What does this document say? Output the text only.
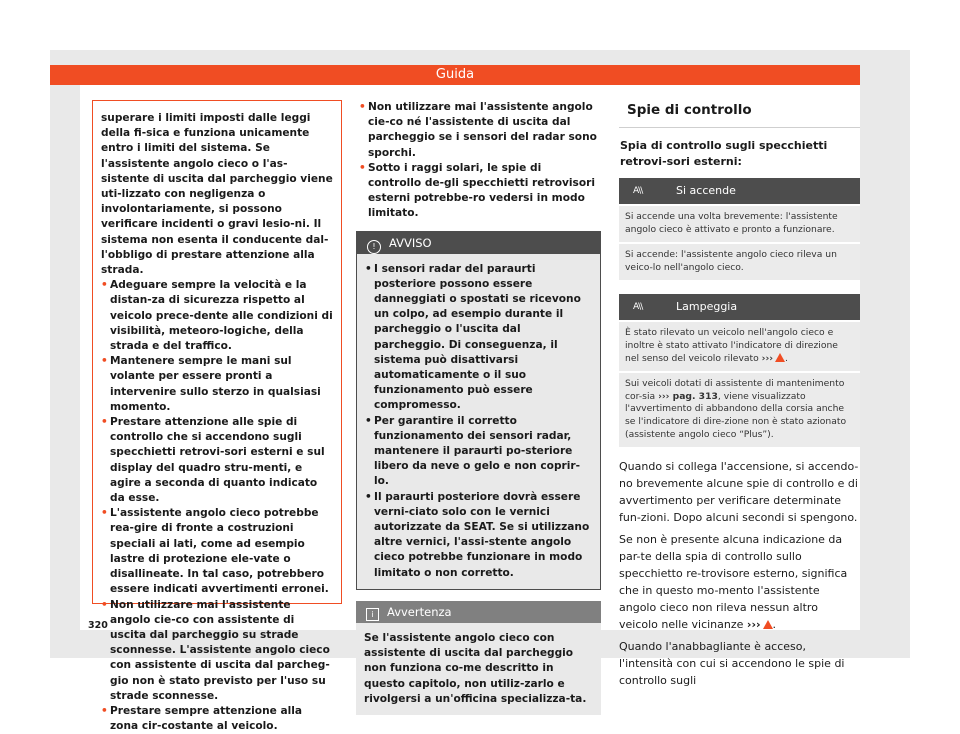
Guida

superare i limiti imposti dalle leggi della fi-sica e funziona unicamente entro i limiti del sistema. Se l'assistente angolo cieco o l'as-sistente di uscita dal parcheggio viene uti-lizzato con negligenza o involontariamente, si possono verificare incidenti o gravi lesio-ni. Il sistema non esenta il conducente dal-l'obbligo di prestare attenzione alla strada.

• Adeguare sempre la velocità e la distan-za di sicurezza rispetto al veicolo prece-dente alle condizioni di visibilità, meteoro-logiche, della strada e del traffico.

• Mantenere sempre le mani sul volante per essere pronti a intervenire sullo sterzo in qualsiasi momento.

• Prestare attenzione alle spie di controllo che si accendono sugli specchietti retrovi-sori esterni e sul display del quadro stru-menti, e agire a seconda di quanto indicato da esse.

• L'assistente angolo cieco potrebbe rea-gire di fronte a costruzioni speciali ai lati, come ad esempio lastre di protezione ele-vate o disallineate. In tal caso, potrebbero essere indicati avvertimenti erronei.

• Non utilizzare mai l'assistente angolo cie-co con assistente di uscita dal parcheggio su strade sconnesse. L'assistente angolo cieco con assistente di uscita dal parcheg-gio non è stato previsto per l'uso su strade sconnesse.

• Prestare sempre attenzione alla zona cir-costante al veicolo.

• Non utilizzare mai l'assistente angolo cie-co né l'assistente di uscita dal parcheggio se i sensori del radar sono sporchi.

• Sotto i raggi solari, le spie di controllo de-gli specchietti retrovisori esterni potrebbe-ro vedersi in modo limitato.

! AVVISO

• I sensori radar del paraurti posteriore possono essere danneggiati o spostati se ricevono un colpo, ad esempio durante il parcheggio o l'uscita dal parcheggio. Di conseguenza, il sistema può disattivarsi automaticamente o il suo funzionamento può essere compromesso.

• Per garantire il corretto funzionamento dei sensori radar, mantenere il paraurti po-steriore libero da neve o gelo e non coprir-lo.

• Il paraurti posteriore dovrà essere verni-ciato solo con le vernici autorizzate da SEAT. Se si utilizzano altre vernici, l'assi-stente angolo cieco potrebbe funzionare in modo limitato o non corretto.

i Avvertenza

Se l'assistente angolo cieco con assistente di uscita dal parcheggio non funziona co-me descritto in questo capitolo, non utiliz-zarlo e rivolgersi a un'officina specializza-ta.

Spie di controllo
Spia di controllo sugli specchietti retrovi-sori esterni:
A\\	Si accende
Si accende una volta brevemente: l'assistente angolo cieco è attivato e pronto a funzionare.
Si accende: l'assistente angolo cieco rileva un veico-lo nell'angolo cieco.
A\\	Lampeggia
È stato rilevato un veicolo nell'angolo cieco e inoltre è stato attivato l'indicatore di direzione nel senso del veicolo rilevato ››› .
Sui veicoli dotati di assistente di mantenimento cor-sia ››› pag. 313, viene visualizzato l'avvertimento di abbandono della corsia anche se l'indicatore di dire-zione non è stato azionato (assistente angolo cieco “Plus”).

Quando si collega l'accensione, si accendo-no brevemente alcune spie di controllo e di avvertimento per verificare determinate fun-zioni. Dopo alcuni secondi si spengono.

Se non è presente alcuna indicazione da par-te della spia di controllo sullo specchietto re-trovisore esterno, significa che in questo mo-mento l'assistente angolo cieco non rileva nessun altro veicolo nelle vicinanze ››› .

Quando l'anabbagliante è acceso, l'intensità con cui si accendono le spie di controllo sugli

320
